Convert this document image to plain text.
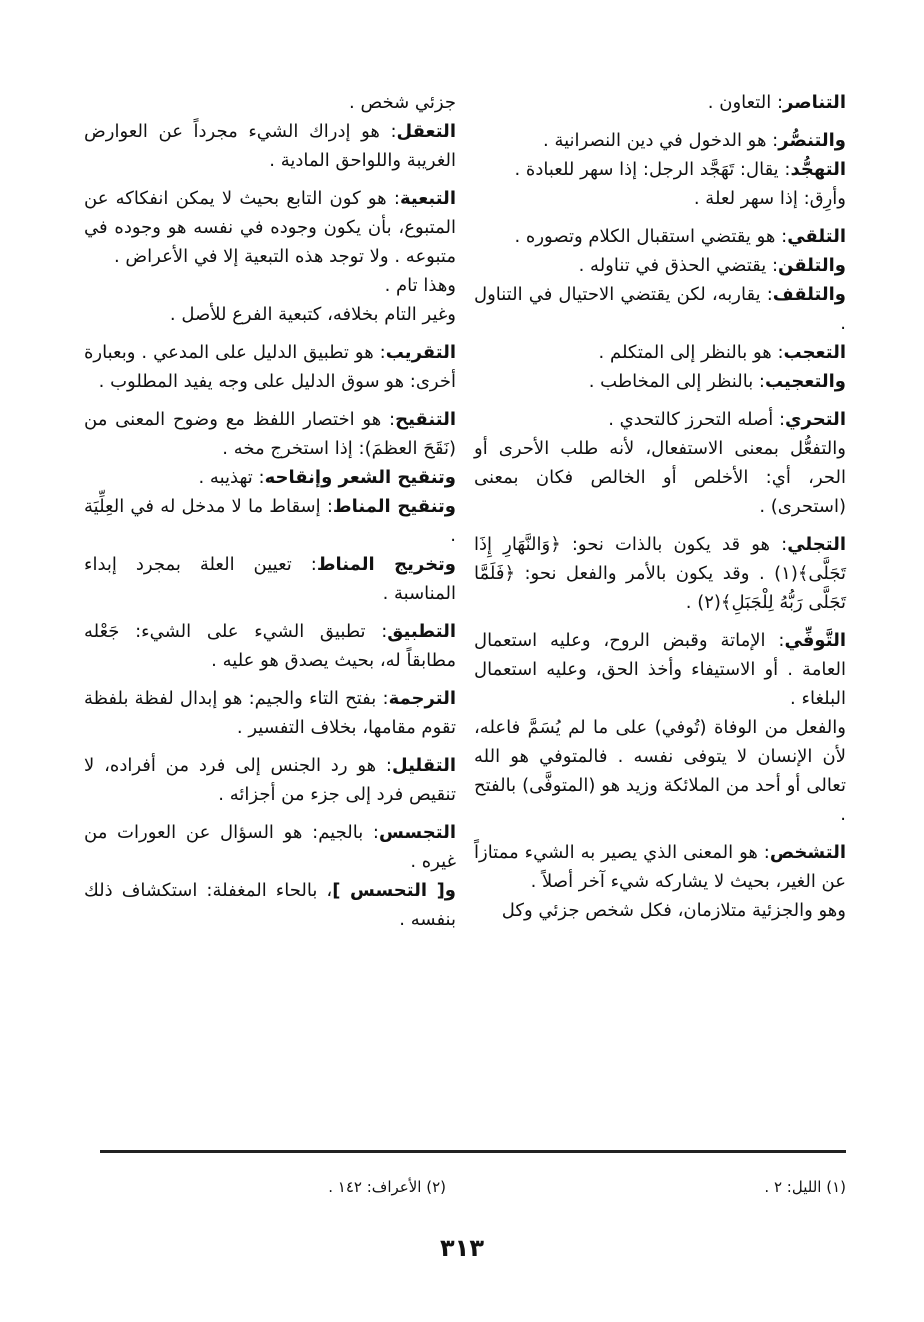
التناصر: التعاون .

والتنصُّر: هو الدخول في دين النصرانية .

التهجُّد: يقال: تَهَجَّد الرجل: إذا سهر للعبادة .

وأرِق: إذا سهر لعلة .

التلقي: هو يقتضي استقبال الكلام وتصوره .

والتلقن: يقتضي الحذق في تناوله .

والتلقف: يقاربه، لكن يقتضي الاحتيال في التناول .

التعجب: هو بالنظر إلى المتكلم .

والتعجيب: بالنظر إلى المخاطب .

التحري: أصله التحرز كالتحدي .

والتفعُّل بمعنى الاستفعال، لأنه طلب الأحرى أو الحر، أي: الأخلص أو الخالص فكان بمعنى (استحرى) .

التجلي: هو قد يكون بالذات نحو: ﴿وَالنَّهَارِ إِذَا تَجَلَّى﴾(١) . وقد يكون بالأمر والفعل نحو: ﴿فَلَمَّا تَجَلَّى رَبُّهُ لِلْجَبَلِ﴾(٢) .

التَّوفِّي: الإماتة وقبض الروح، وعليه استعمال العامة . أو الاستيفاء وأخذ الحق، وعليه استعمال البلغاء .

والفعل من الوفاة (تُوفي) على ما لم يُسَمَّ فاعله، لأن الإنسان لا يتوفى نفسه . فالمتوفي هو الله تعالى أو أحد من الملائكة وزيد هو (المتوفَّى) بالفتح .

التشخص: هو المعنى الذي يصير به الشيء ممتازاً عن الغير، بحيث لا يشاركه شيء آخر أصلاً .

وهو والجزئية متلازمان، فكل شخص جزئي وكل

جزئي شخص .

التعقل: هو إدراك الشيء مجرداً عن العوارض الغريبة واللواحق المادية .

التبعية: هو كون التابع بحيث لا يمكن انفكاكه عن المتبوع، بأن يكون وجوده في نفسه هو وجوده في متبوعه . ولا توجد هذه التبعية إلا في الأعراض .

وهذا تام .

وغير التام بخلافه، كتبعية الفرع للأصل .

التقريب: هو تطبيق الدليل على المدعي . وبعبارة أخرى: هو سوق الدليل على وجه يفيد المطلوب .

التنقيح: هو اختصار اللفظ مع وضوح المعنى من (نَقَحَ العظمَ): إذا استخرج مخه .

وتنقيح الشعر وإنقاحه: تهذيبه .

وتنقيح المناط: إسقاط ما لا مدخل له في العِلِّيَة .

وتخريج المناط: تعيين العلة بمجرد إبداء المناسبة .

التطبيق: تطبيق الشيء على الشيء: جَعْله مطابقاً له، بحيث يصدق هو عليه .

الترجمة: بفتح التاء والجيم: هو إبدال لفظة بلفظة تقوم مقامها، بخلاف التفسير .

التقليل: هو رد الجنس إلى فرد من أفراده، لا تنقيص فرد إلى جزء من أجزائه .

التجسس: بالجيم: هو السؤال عن العورات من غيره .

و[ التحسس ]، بالحاء المغفلة: استكشاف ذلك بنفسه .

(١) الليل: ٢ .
(٢) الأعراف: ١٤٢ .
٣١٣
